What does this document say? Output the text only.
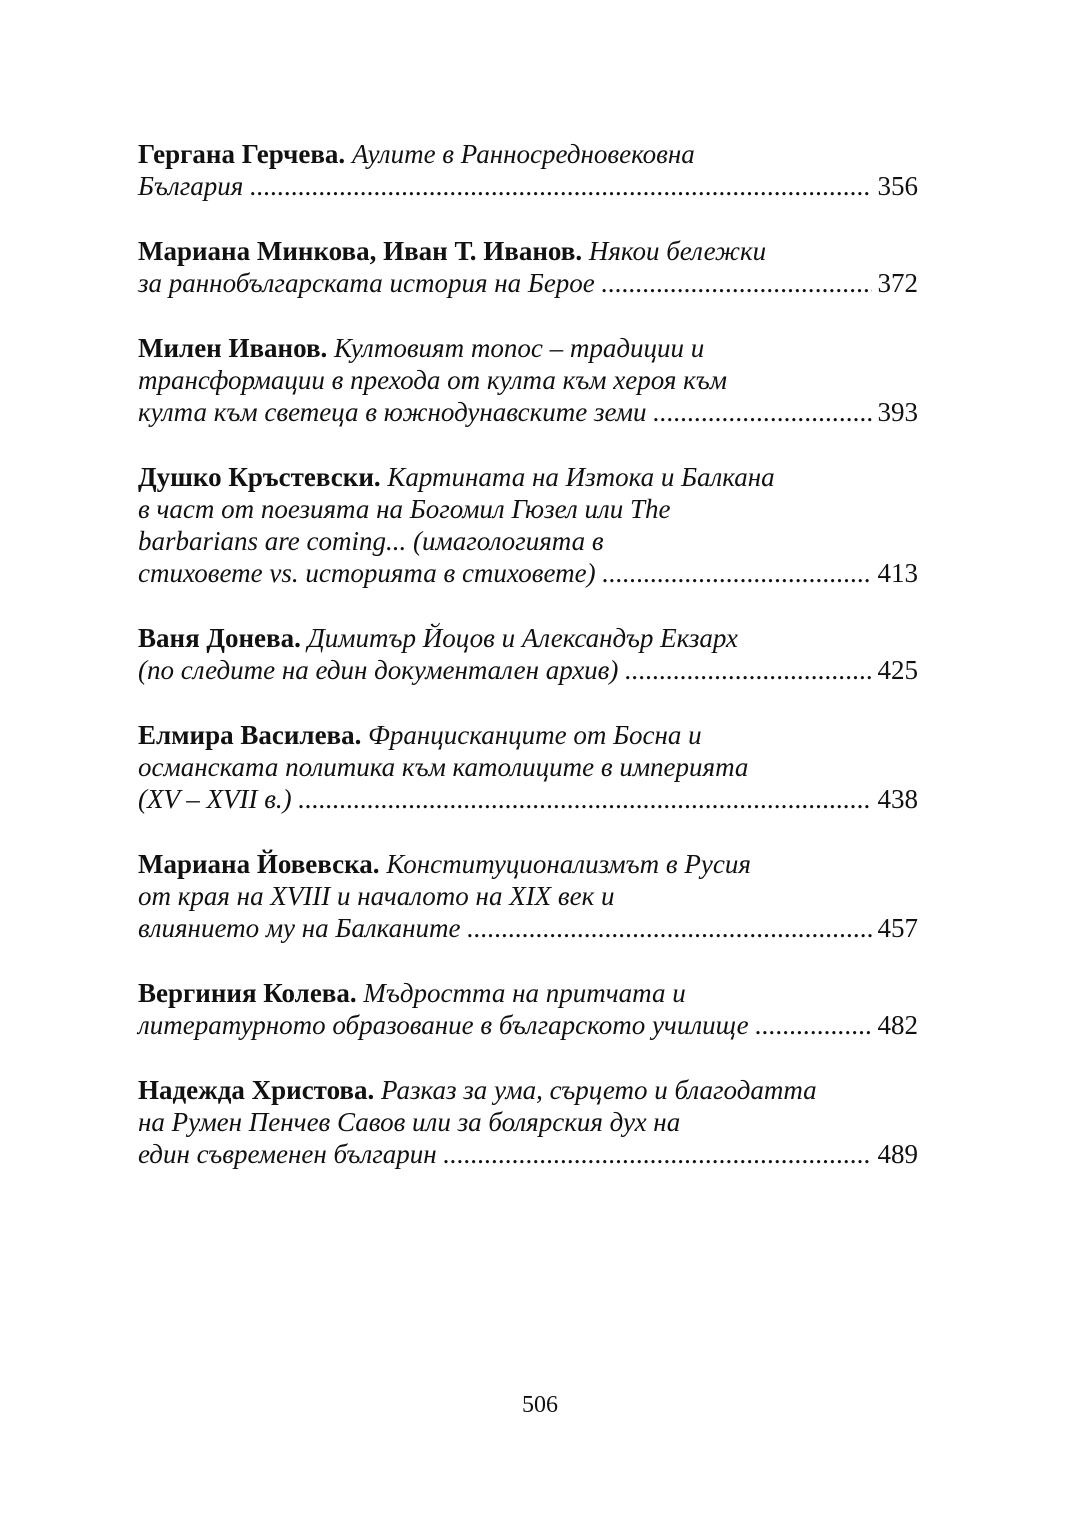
Гергана Герчева.
Аулите в Ранносредновековна
България . . .	356
Мариана Минкова, Иван Т. Иванов.
Някои бележки
за раннобългарската история на Берое . . .	372
Милен Иванов.
Култовият топос – традиции и
трансформации в прехода от култа към хероя към
култа към светеца в южнодунавските земи . . .	393
Душко Кръстевски.
Картината на Изтока и Балкана
в част от поезията на Богомил Гюзел или The
barbarians are coming... (имагологията в
стиховете vs. историята в стиховете) . . .	413
Ваня Донева.
Димитър Йоцов и Александър Екзарх
(по следите на един документален архив) . . .	425
Елмира Василева.
Францисканците от Босна и
османската политика към католиците в империята
(XV – XVII в.) . . .	438
Мариана Йовевска.
Конституционализмът в Русия
от края на XVIII и началото на XIX век и
влиянието му на Балканите . . .	457
Вергиния Колева.
Мъдростта на притчата и
литературното образование в българското училище . . .	482
Надежда Христова.
Разказ за ума, сърцето и благодатта
на Румен Пенчев Савов или за болярския дух на
един съвременен българин . . .	489
506
